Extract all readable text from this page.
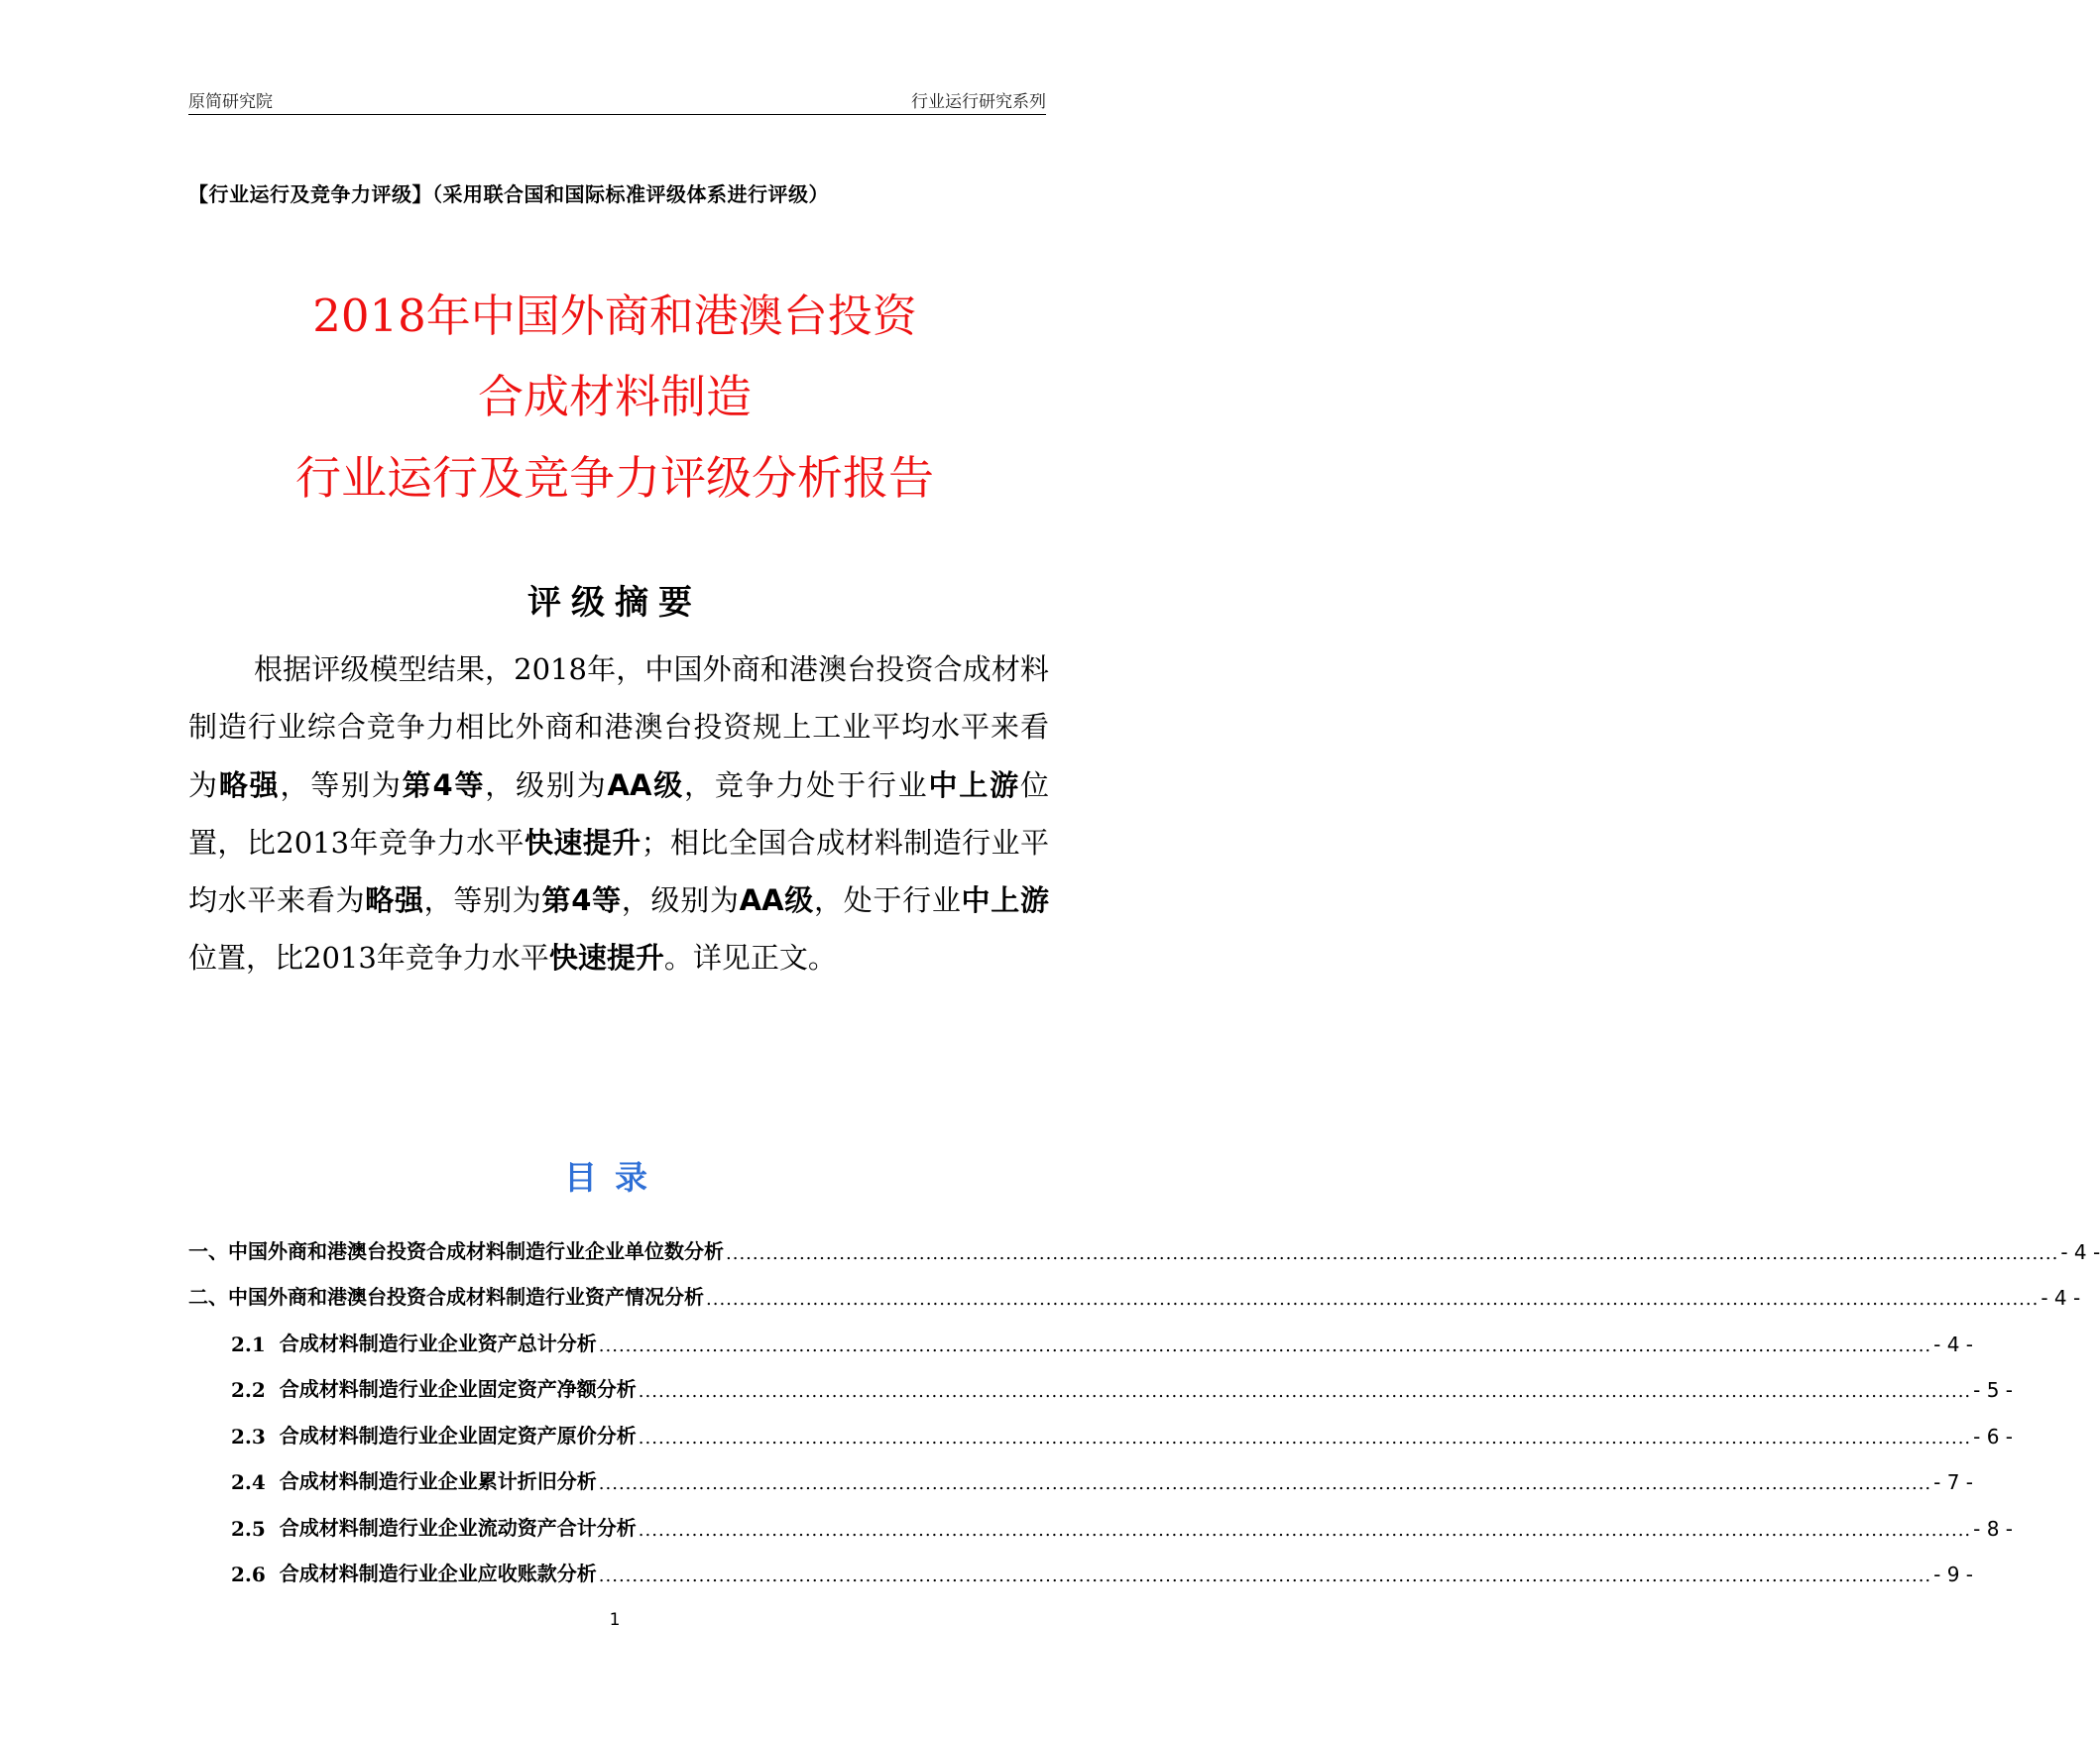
原简研究院	行业运行研究系列
【行业运行及竞争力评级】（采用联合国和国际标准评级体系进行评级）
2018年中国外商和港澳台投资
合成材料制造
行业运行及竞争力评级分析报告
评级摘要

根据评级模型结果，2018年，中国外商和港澳台投资合成材料制造行业综合竞争力相比外商和港澳台投资规上工业平均水平来看为略强，等别为第4等，级别为AA级，竞争力处于行业中上游位置，比2013年竞争力水平快速提升；相比全国合成材料制造行业平均水平来看为略强，等别为第4等，级别为AA级，处于行业中上游位置，比2013年竞争力水平快速提升。详见正文。

目录
一、中国外商和港澳台投资合成材料制造行业企业单位数分析 ........................................................................................................................................................................................................ - 4 -
二、中国外商和港澳台投资合成材料制造行业资产情况分析 ........................................................................................................................................................................................................ - 4 -
2.1 合成材料制造行业企业资产总计分析 ........................................................................................................................................................................................................ - 4 -
2.2 合成材料制造行业企业固定资产净额分析 ........................................................................................................................................................................................................ - 5 -
2.3 合成材料制造行业企业固定资产原价分析 ........................................................................................................................................................................................................ - 6 -
2.4 合成材料制造行业企业累计折旧分析 ........................................................................................................................................................................................................ - 7 -
2.5 合成材料制造行业企业流动资产合计分析 ........................................................................................................................................................................................................ - 8 -
2.6 合成材料制造行业企业应收账款分析 ........................................................................................................................................................................................................ - 9 -
1
